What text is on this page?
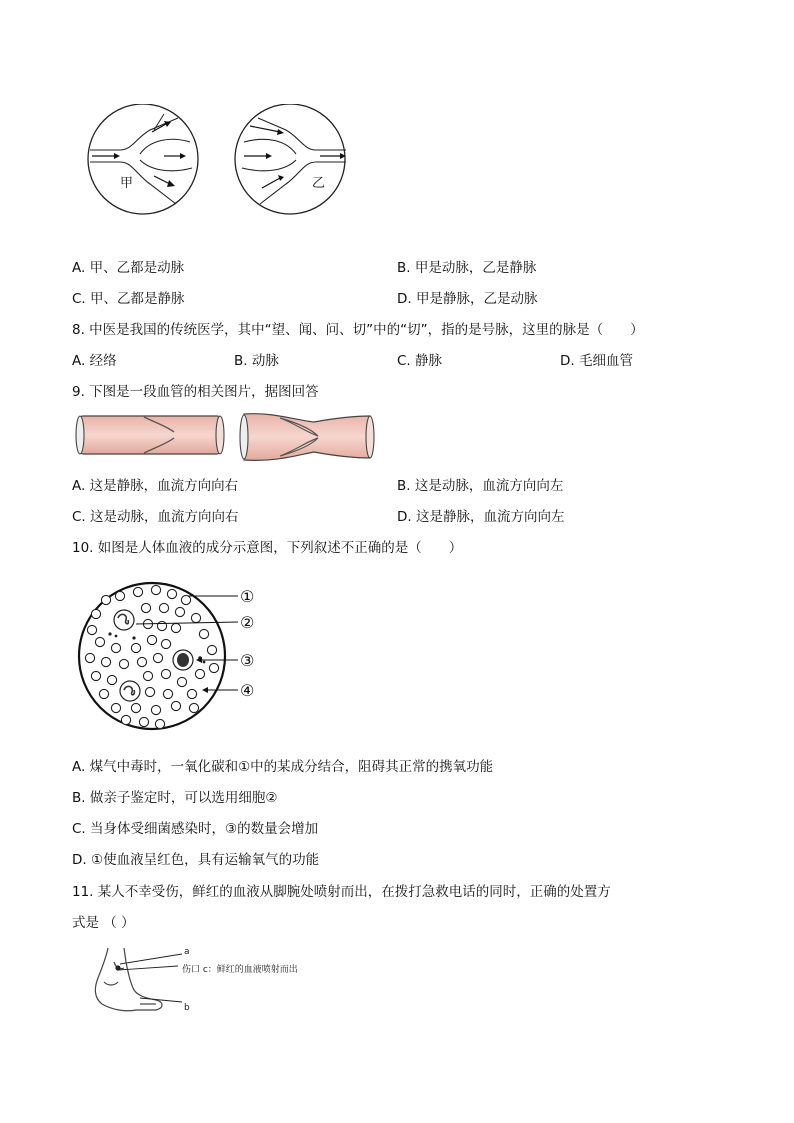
甲	乙
A. 甲、乙都是动脉	B. 甲是动脉，乙是静脉
C. 甲、乙都是静脉	D. 甲是静脉，乙是动脉
8. 中医是我国的传统医学，其中“望、闻、问、切”中的“切”，指的是号脉，这里的脉是（　　）
A. 经络	B. 动脉	C. 静脉	D. 毛细血管
9. 下图是一段血管的相关图片，据图回答
A. 这是静脉，血流方向向右	B. 这是动脉，血流方向向左
C. 这是动脉，血流方向向右	D. 这是静脉，血流方向向左
10. 如图是人体血液的成分示意图，下列叙述不正确的是（　　）
①
②
③
④
A. 煤气中毒时，一氧化碳和①中的某成分结合，阻碍其正常的携氧功能
B. 做亲子鉴定时，可以选用细胞②
C. 当身体受细菌感染时，③的数量会增加
D. ①使血液呈红色，具有运输氧气的功能
11. 某人不幸受伤，鲜红的血液从脚腕处喷射而出，在拨打急救电话的同时，正确的处置方
式是 （ ）
a
伤口 c：鲜红的血液喷射而出
b
